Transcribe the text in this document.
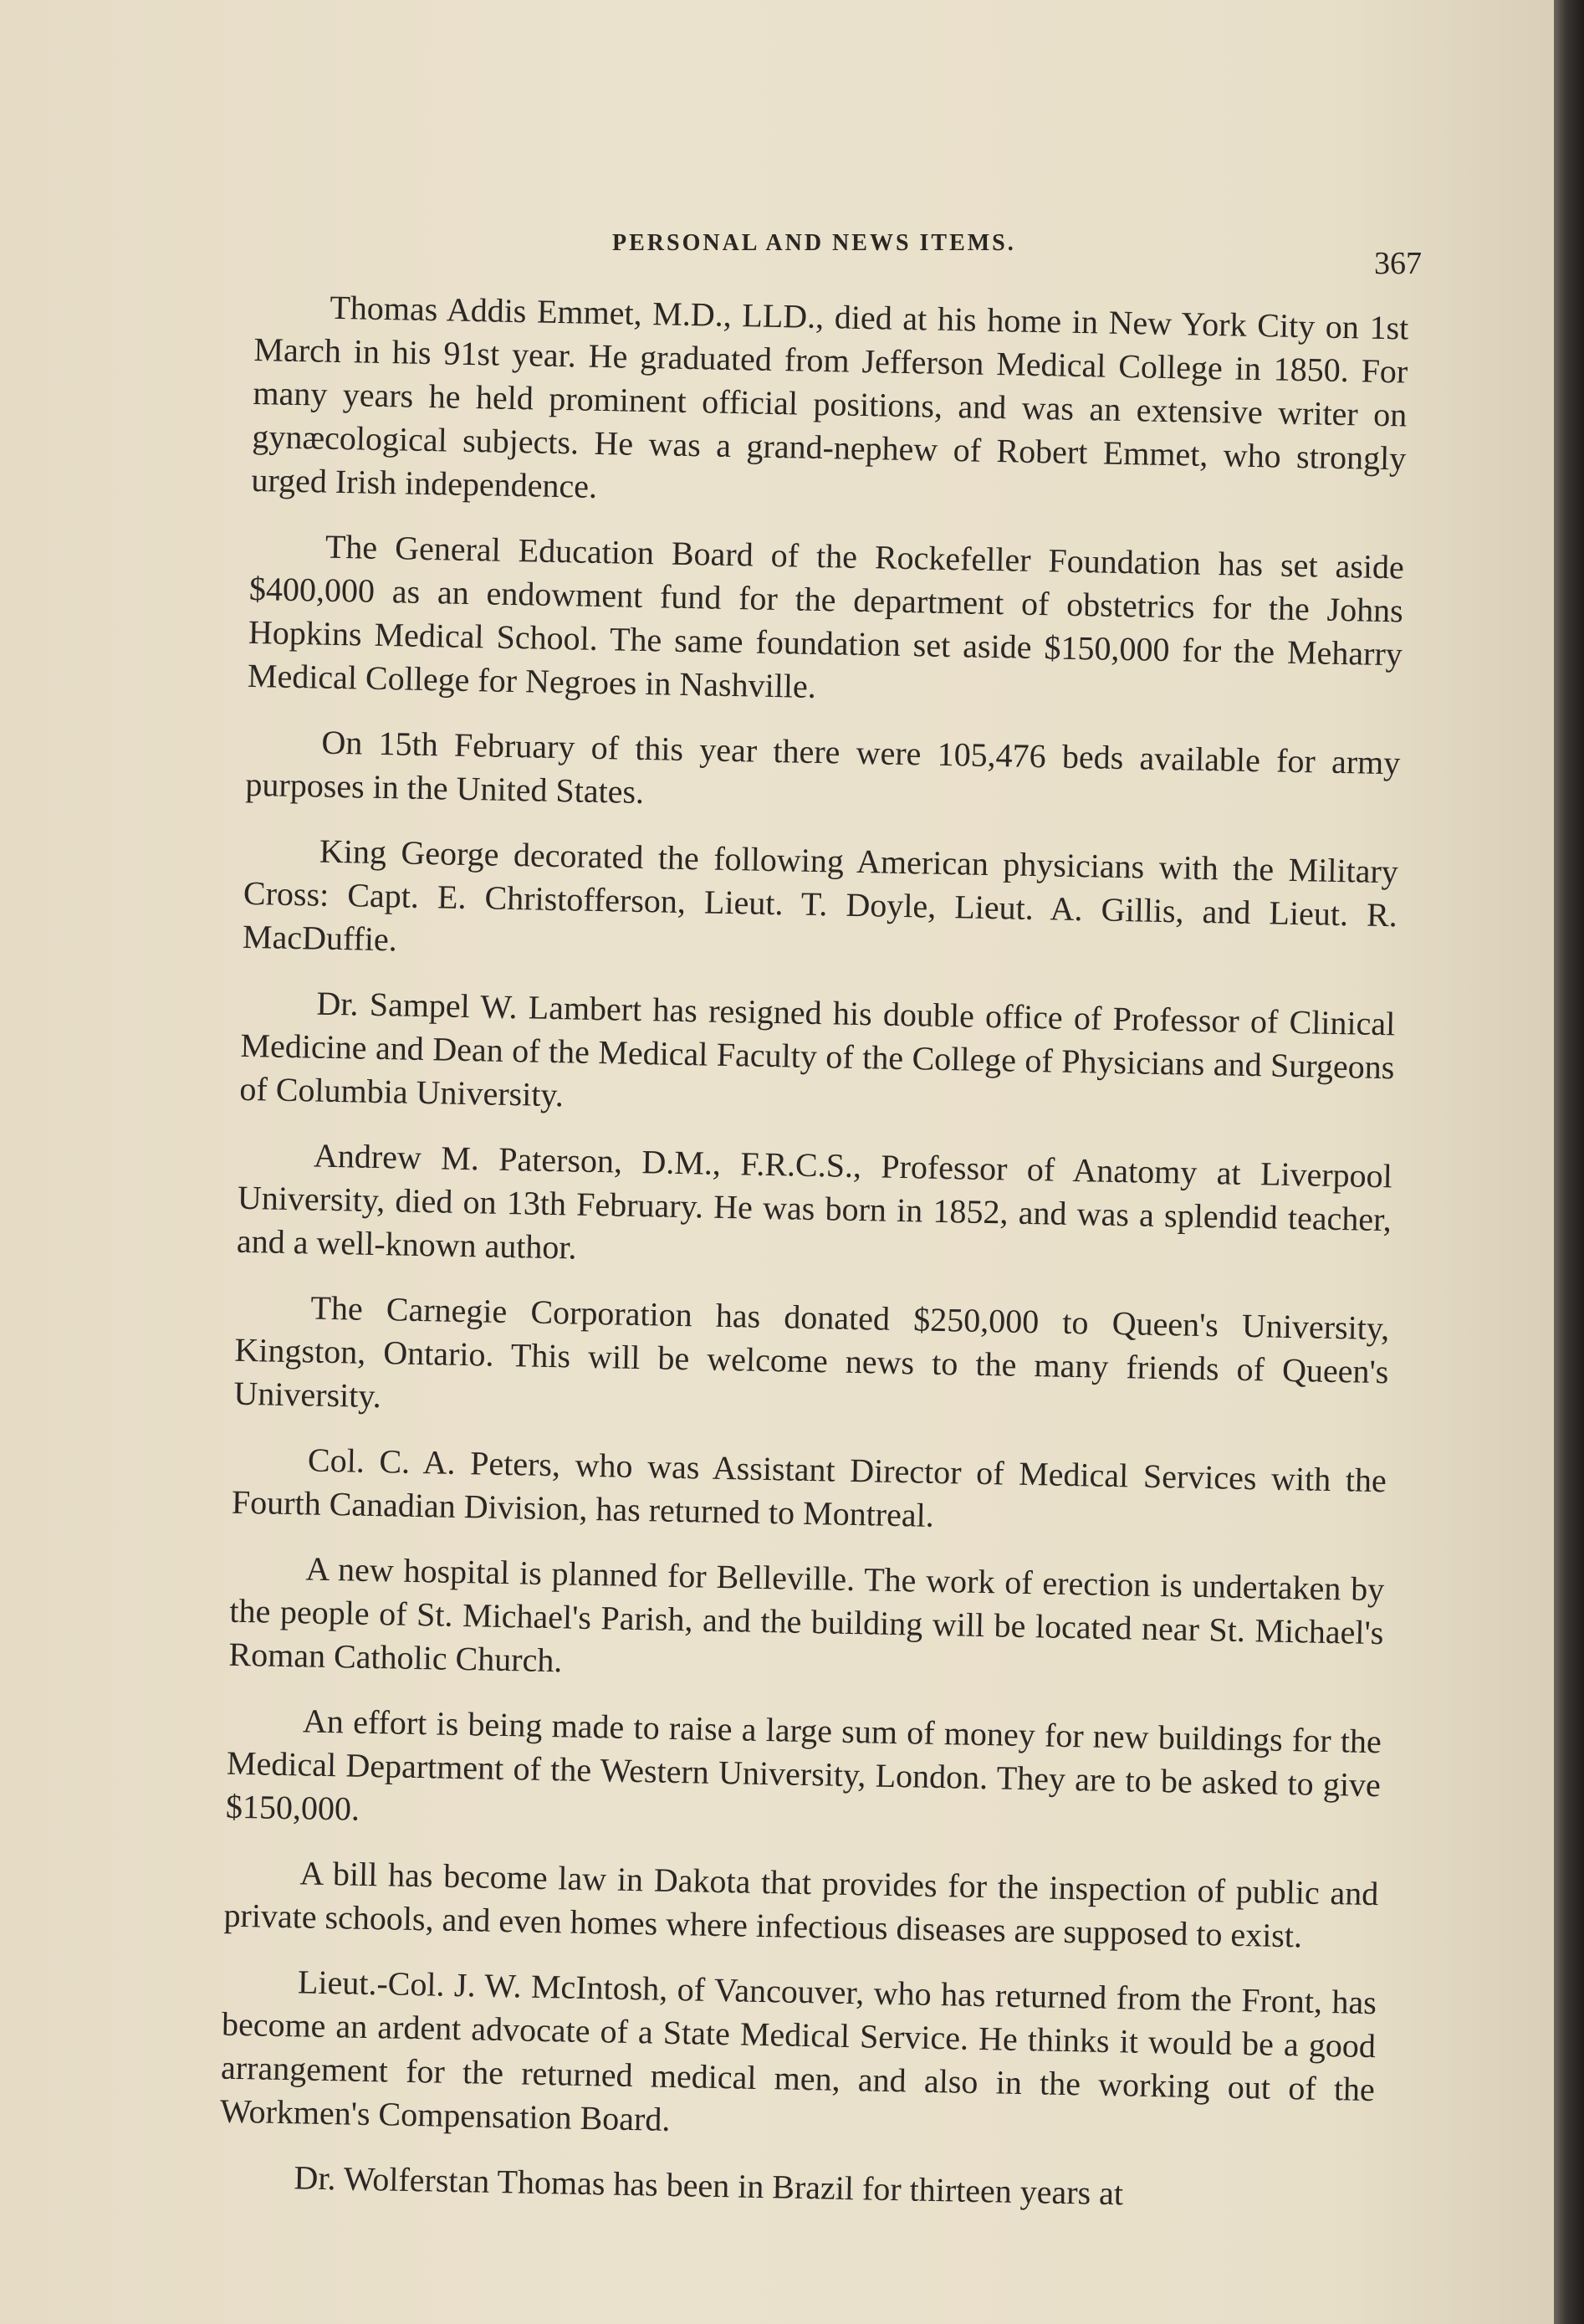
PERSONAL AND NEWS ITEMS.
367

Thomas Addis Emmet, M.D., LLD., died at his home in New York City on 1st March in his 91st year. He graduated from Jefferson Medical College in 1850. For many years he held prominent official positions, and was an extensive writer on gynæcological subjects. He was a grand-nephew of Robert Emmet, who strongly urged Irish independence.

The General Education Board of the Rockefeller Foundation has set aside $400,000 as an endowment fund for the department of obstetrics for the Johns Hopkins Medical School. The same foundation set aside $150,000 for the Meharry Medical College for Negroes in Nashville.

On 15th February of this year there were 105,476 beds available for army purposes in the United States.

King George decorated the following American physicians with the Military Cross: Capt. E. Christofferson, Lieut. T. Doyle, Lieut. A. Gillis, and Lieut. R. MacDuffie.

Dr. Sampel W. Lambert has resigned his double office of Professor of Clinical Medicine and Dean of the Medical Faculty of the College of Physicians and Surgeons of Columbia University.

Andrew M. Paterson, D.M., F.R.C.S., Professor of Anatomy at Liverpool University, died on 13th February. He was born in 1852, and was a splendid teacher, and a well-known author.

The Carnegie Corporation has donated $250,000 to Queen's University, Kingston, Ontario. This will be welcome news to the many friends of Queen's University.

Col. C. A. Peters, who was Assistant Director of Medical Services with the Fourth Canadian Division, has returned to Montreal.

A new hospital is planned for Belleville. The work of erection is undertaken by the people of St. Michael's Parish, and the building will be located near St. Michael's Roman Catholic Church.

An effort is being made to raise a large sum of money for new buildings for the Medical Department of the Western University, London. They are to be asked to give $150,000.

A bill has become law in Dakota that provides for the inspection of public and private schools, and even homes where infectious diseases are supposed to exist.

Lieut.-Col. J. W. McIntosh, of Vancouver, who has returned from the Front, has become an ardent advocate of a State Medical Service. He thinks it would be a good arrangement for the returned medical men, and also in the working out of the Workmen's Compensation Board.

Dr. Wolferstan Thomas has been in Brazil for thirteen years at
